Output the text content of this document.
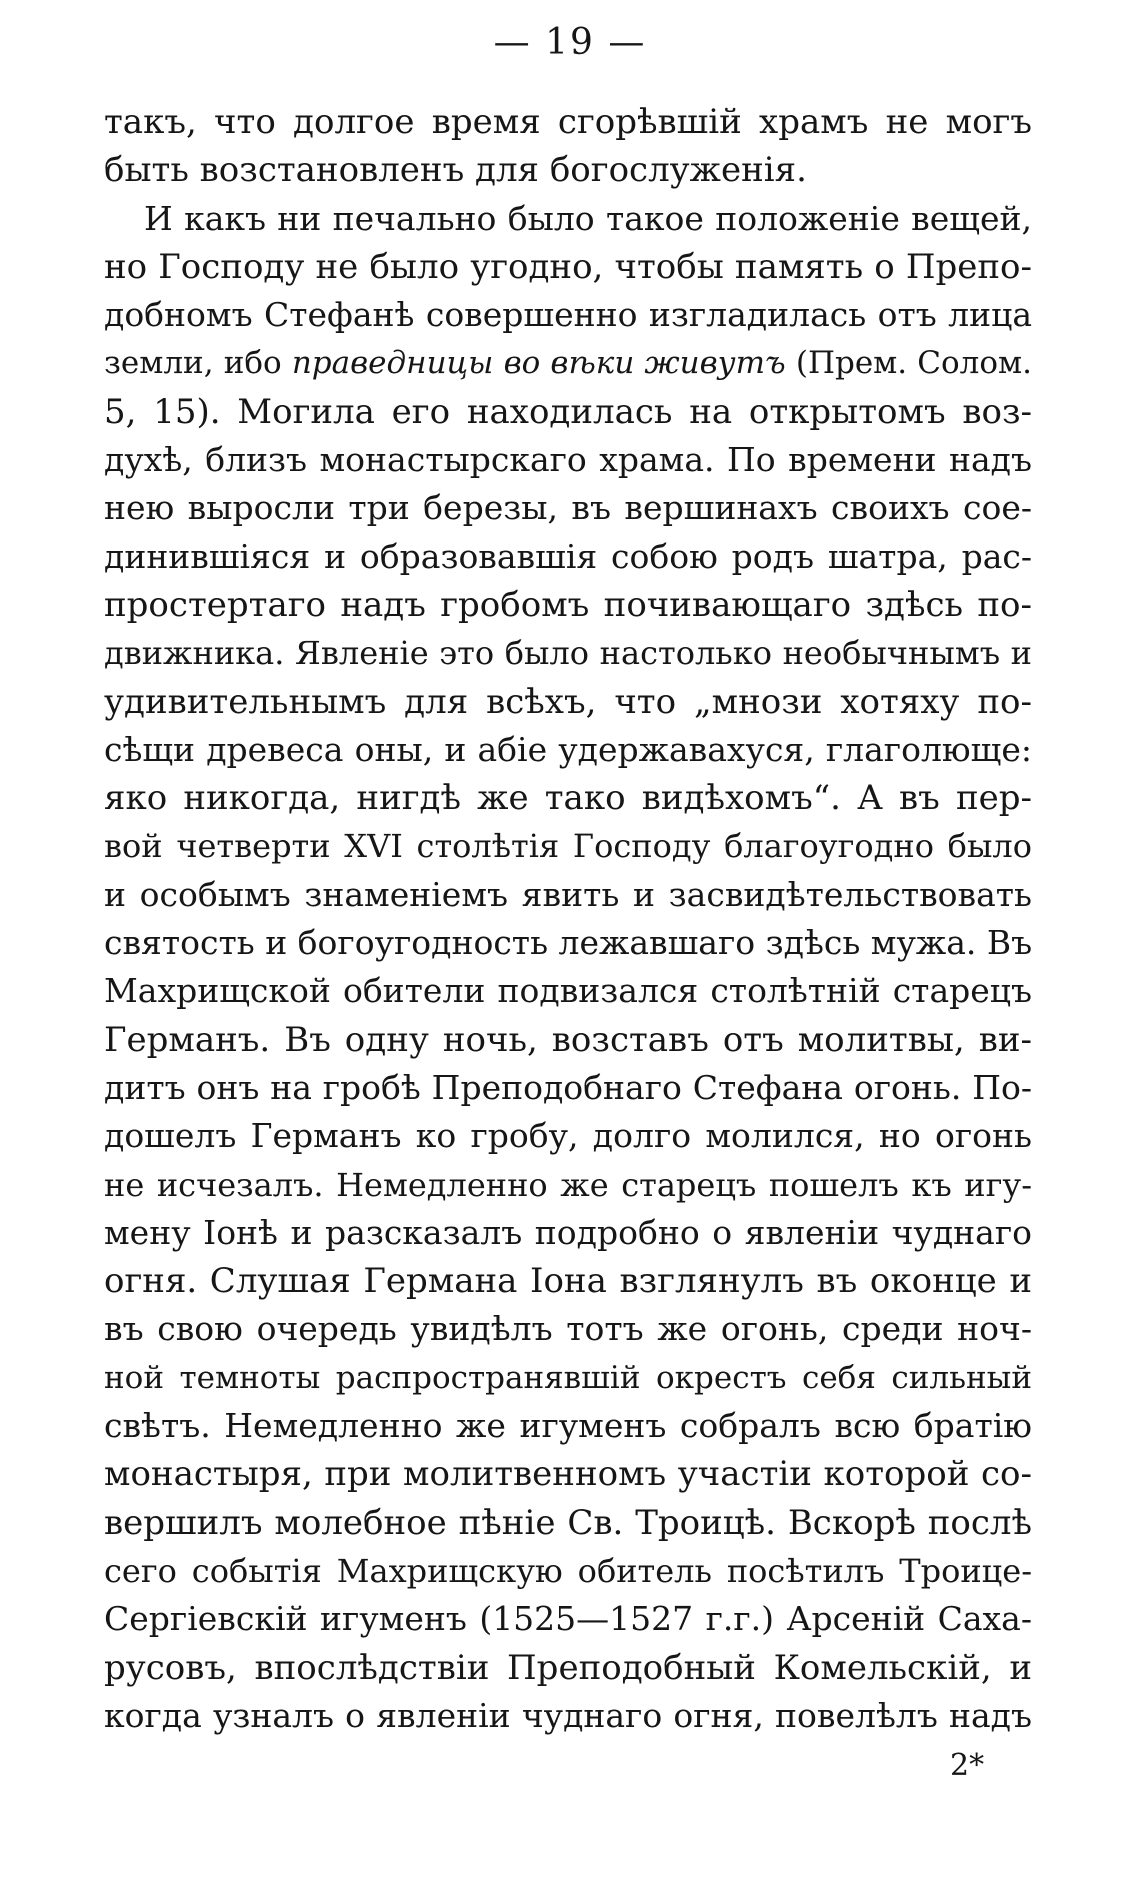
— 19 —
такъ, что долгое время сгорѣвшій храмъ не могъ
быть возстановленъ для богослуженія.
И какъ ни печально было такое положеніе вещей,
но Господу не было угодно, чтобы память о Препо-
добномъ Стефанѣ совершенно изгладилась отъ лица
земли, ибо праведницы во вѣки живутъ (Прем. Солом.
5, 15). Могила его находилась на открытомъ воз-
духѣ, близъ монастырскаго храма. По времени надъ
нею выросли три березы, въ вершинахъ своихъ сое-
динившіяся и образовавшія собою родъ шатра, рас-
простертаго надъ гробомъ почивающаго здѣсь по-
движника. Явленіе это было настолько необычнымъ и
удивительнымъ для всѣхъ, что „мнози хотяху по-
сѣщи древеса оны, и абіе удержавахуся, глаголюще:
яко никогда, нигдѣ же тако видѣхомъ“. А въ пер-
вой четверти XVI столѣтія Господу благоугодно было
и особымъ знаменіемъ явить и засвидѣтельствовать
святость и богоугодность лежавшаго здѣсь мужа. Въ
Махрищской обители подвизался столѣтній старецъ
Германъ. Въ одну ночь, возставъ отъ молитвы, ви-
дитъ онъ на гробѣ Преподобнаго Стефана огонь. По-
дошелъ Германъ ко гробу, долго молился, но огонь
не исчезалъ. Немедленно же старецъ пошелъ къ игу-
мену Іонѣ и разсказалъ подробно о явленіи чуднаго
огня. Слушая Германа Іона взглянулъ въ оконце и
въ свою очередь увидѣлъ тотъ же огонь, среди ноч-
ной темноты распространявшій окрестъ себя сильный
свѣтъ. Немедленно же игуменъ собралъ всю братію
монастыря, при молитвенномъ участіи которой со-
вершилъ молебное пѣніе Св. Троицѣ. Вскорѣ послѣ
сего событія Махрищскую обитель посѣтилъ Троице-
Сергіевскій игуменъ (1525—1527 г.г.) Арсеній Саха-
русовъ, впослѣдствіи Преподобный Комельскій, и
когда узналъ о явленіи чуднаго огня, повелѣлъ надъ
2*
